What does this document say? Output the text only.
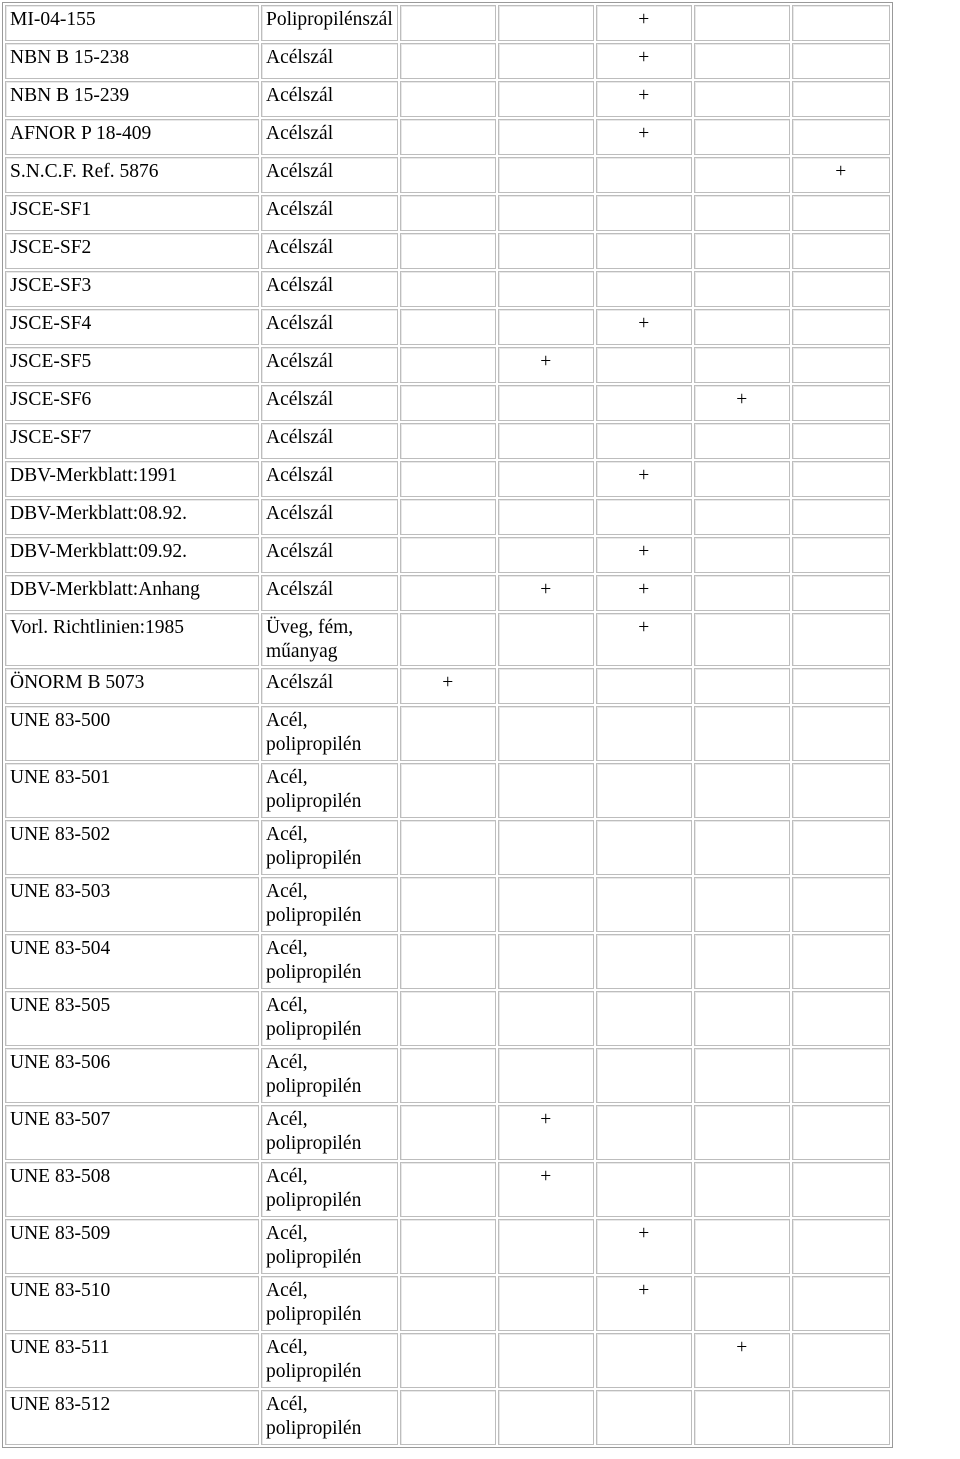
MI-04-155	Polipropilénszál			+		
NBN B 15-238	Acélszál			+		
NBN B 15-239	Acélszál			+		
AFNOR P 18-409	Acélszál			+		
S.N.C.F. Ref. 5876	Acélszál					+
JSCE-SF1	Acélszál					
JSCE-SF2	Acélszál					
JSCE-SF3	Acélszál					
JSCE-SF4	Acélszál			+		
JSCE-SF5	Acélszál		+			
JSCE-SF6	Acélszál				+	
JSCE-SF7	Acélszál					
DBV-Merkblatt:1991	Acélszál			+		
DBV-Merkblatt:08.92.	Acélszál					
DBV-Merkblatt:09.92.	Acélszál			+		
DBV-Merkblatt:Anhang	Acélszál		+	+		
Vorl. Richtlinien:1985	Üveg, fém, műanyag			+		
ÖNORM B 5073	Acélszál	+				
UNE 83-500	Acél, polipropilén					
UNE 83-501	Acél, polipropilén					
UNE 83-502	Acél, polipropilén					
UNE 83-503	Acél, polipropilén					
UNE 83-504	Acél, polipropilén					
UNE 83-505	Acél, polipropilén					
UNE 83-506	Acél, polipropilén					
UNE 83-507	Acél, polipropilén		+			
UNE 83-508	Acél, polipropilén		+			
UNE 83-509	Acél, polipropilén			+		
UNE 83-510	Acél, polipropilén			+		
UNE 83-511	Acél, polipropilén				+	
UNE 83-512	Acél, polipropilén					
